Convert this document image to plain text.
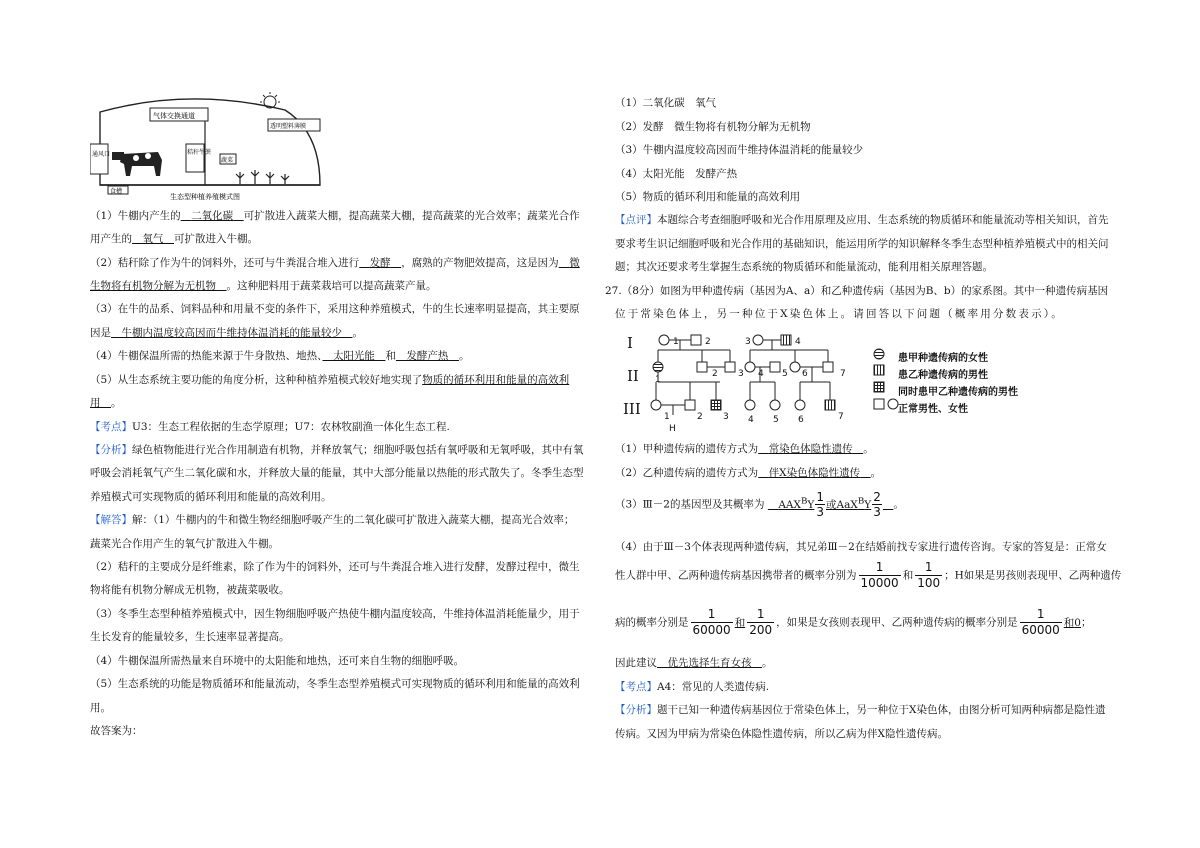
生态型种植养殖模式图
气体交换通道
透明塑料薄膜
通风口	秸秆牛粪
蔬菜
食槽
（1）牛棚内产生的　 二氧化碳　 可扩散进入蔬菜大棚，提高蔬菜大棚，提高蔬菜的光合效率；蔬菜光合作
用产生的　 氧气　 可扩散进入牛棚。
（2）秸秆除了作为牛的饲料外，还可与牛粪混合堆入进行　 发酵　 ，腐熟的产物肥效提高，这是因为　 微
生物将有机物分解为无机物　 。这种肥料用于蔬菜栽培可以提高蔬菜产量。
（3）在牛的品系、饲料品种和用量不变的条件下，采用这种养殖模式，牛的生长速率明显提高，其主要原
因是　 牛棚内温度较高因而牛维持体温消耗的能量较少　 。
（4）牛棚保温所需的热能来源于牛身散热、地热、　 太阳光能　 和　 发酵产热　 。
（5）从生态系统主要功能的角度分析，这种种植养殖模式较好地实现了物质的循环利用和能量的高效利
用　 。
【考点】U3：生态工程依据的生态学原理；U7：农林牧副渔一体化生态工程.
【分析】绿色植物能进行光合作用制造有机物，并释放氧气；细胞呼吸包括有氧呼吸和无氧呼吸，其中有氧
呼吸会消耗氧气产生二氧化碳和水，并释放大量的能量，其中大部分能量以热能的形式散失了。冬季生态型
养殖模式可实现物质的循环利用和能量的高效利用。
【解答】解：（1）牛棚内的牛和微生物经细胞呼吸产生的二氧化碳可扩散进入蔬菜大棚，提高光合效率；
蔬菜光合作用产生的氧气扩散进入牛棚。
（2）秸秆的主要成分是纤维素，除了作为牛的饲料外，还可与牛粪混合堆入进行发酵，发酵过程中，微生
物将能有机物分解成无机物，被蔬菜吸收。
（3）冬季生态型种植养殖模式中，因生物细胞呼吸产热使牛棚内温度较高，牛维持体温消耗能量少，用于
生长发育的能量较多，生长速率显著提高。
（4）牛棚保温所需热量来自环境中的太阳能和地热，还可来自生物的细胞呼吸。
（5）生态系统的功能是物质循环和能量流动，冬季生态型养殖模式可实现物质的循环利用和能量的高效利
用。
故答案为：
（1）二氧化碳　氧气
（2）发酵　微生物将有机物分解为无机物
（3）牛棚内温度较高因而牛维持体温消耗的能量较少
（4）太阳光能　发酵产热
（5）物质的循环利用和能量的高效利用
【点评】本题综合考查细胞呼吸和光合作用原理及应用、生态系统的物质循环和能量流动等相关知识，首先
要求考生识记细胞呼吸和光合作用的基础知识，能运用所学的知识解释冬季生态型种植养殖模式中的相关问
题；其次还要求考生掌握生态系统的物质循环和能量流动，能利用相关原理答题。
27.（8分）如图为甲种遗传病（基因为A、a）和乙种遗传病（基因为B、b）的家系图。其中一种遗传病基因
位于常染色体上，另一种位于X染色体上。请回答以下问题（概率用分数表示）。
I
II
III
1	2	3	4
1
2 3 4 5 6	7
1	2 3 4 5 6	7
H
患甲种遗传病的女性
患乙种遗传病的男性
同时患甲乙种遗传病的男性
正常男性、女性
（1）甲种遗传病的遗传方式为　 常染色体隐性遗传　 。
（2）乙种遗传病的遗传方式为　 伴X染色体隐性遗传　 。
（3）Ⅲ－2的基因型及其概率为 　 $AAX^BY \frac{1}{3}$ 或$AaX^BY \frac{2}{3}$
　 。
（4）由于Ⅲ－3个体表现两种遗传病，其兄弟Ⅲ－2在结婚前找专家进行遗传咨询。专家的答复是：正常女
性人群中甲、乙两种遗传病基因携带者的概率分别为 $\frac{1}{10000}$ 和 $\frac{1}{100}$ ；H如果是男孩则表现甲、乙两种遗传
病的概率分别是 $\frac{1}{60000}$ 和 $\frac{1}{200}$ ，如果是女孩则表现甲、乙两种遗传病的概率分别是 $\frac{1}{60000}$ 和0；
因此建议　 优先选择生育女孩　 。
【考点】A4：常见的人类遗传病.
【分析】题干已知一种遗传病基因位于常染色体上，另一种位于X染色体，由图分析可知两种病都是隐性遗
传病。又因为甲病为常染色体隐性遗传病，所以乙病为伴X隐性遗传病。
